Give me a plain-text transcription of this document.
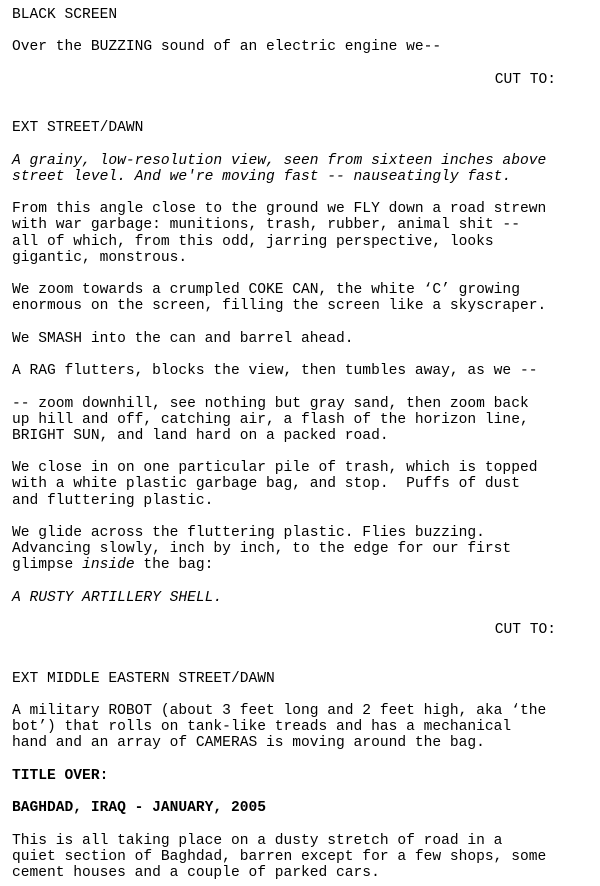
BLACK SCREEN
Over the BUZZING sound of an electric engine we--
CUT TO:
EXT STREET/DAWN
A grainy, low-resolution view, seen from sixteen inches above
street level. And we're moving fast -- nauseatingly fast.
From this angle close to the ground we FLY down a road strewn
with war garbage: munitions, trash, rubber, animal shit --
all of which, from this odd, jarring perspective, looks
gigantic, monstrous.
We zoom towards a crumpled COKE CAN, the white ‘C’ growing
enormous on the screen, filling the screen like a skyscraper.
We SMASH into the can and barrel ahead.
A RAG flutters, blocks the view, then tumbles away, as we --
-- zoom downhill, see nothing but gray sand, then zoom back
up hill and off, catching air, a flash of the horizon line,
BRIGHT SUN, and land hard on a packed road.
We close in on one particular pile of trash, which is topped
with a white plastic garbage bag, and stop.  Puffs of dust
and fluttering plastic.
We glide across the fluttering plastic. Flies buzzing.
Advancing slowly, inch by inch, to the edge for our first
glimpse inside the bag:
A RUSTY ARTILLERY SHELL.
CUT TO:
EXT MIDDLE EASTERN STREET/DAWN
A military ROBOT (about 3 feet long and 2 feet high, aka ‘the
bot’) that rolls on tank-like treads and has a mechanical
hand and an array of CAMERAS is moving around the bag.
TITLE OVER:
BAGHDAD, IRAQ - JANUARY, 2005
This is all taking place on a dusty stretch of road in a
quiet section of Baghdad, barren except for a few shops, some
cement houses and a couple of parked cars.
